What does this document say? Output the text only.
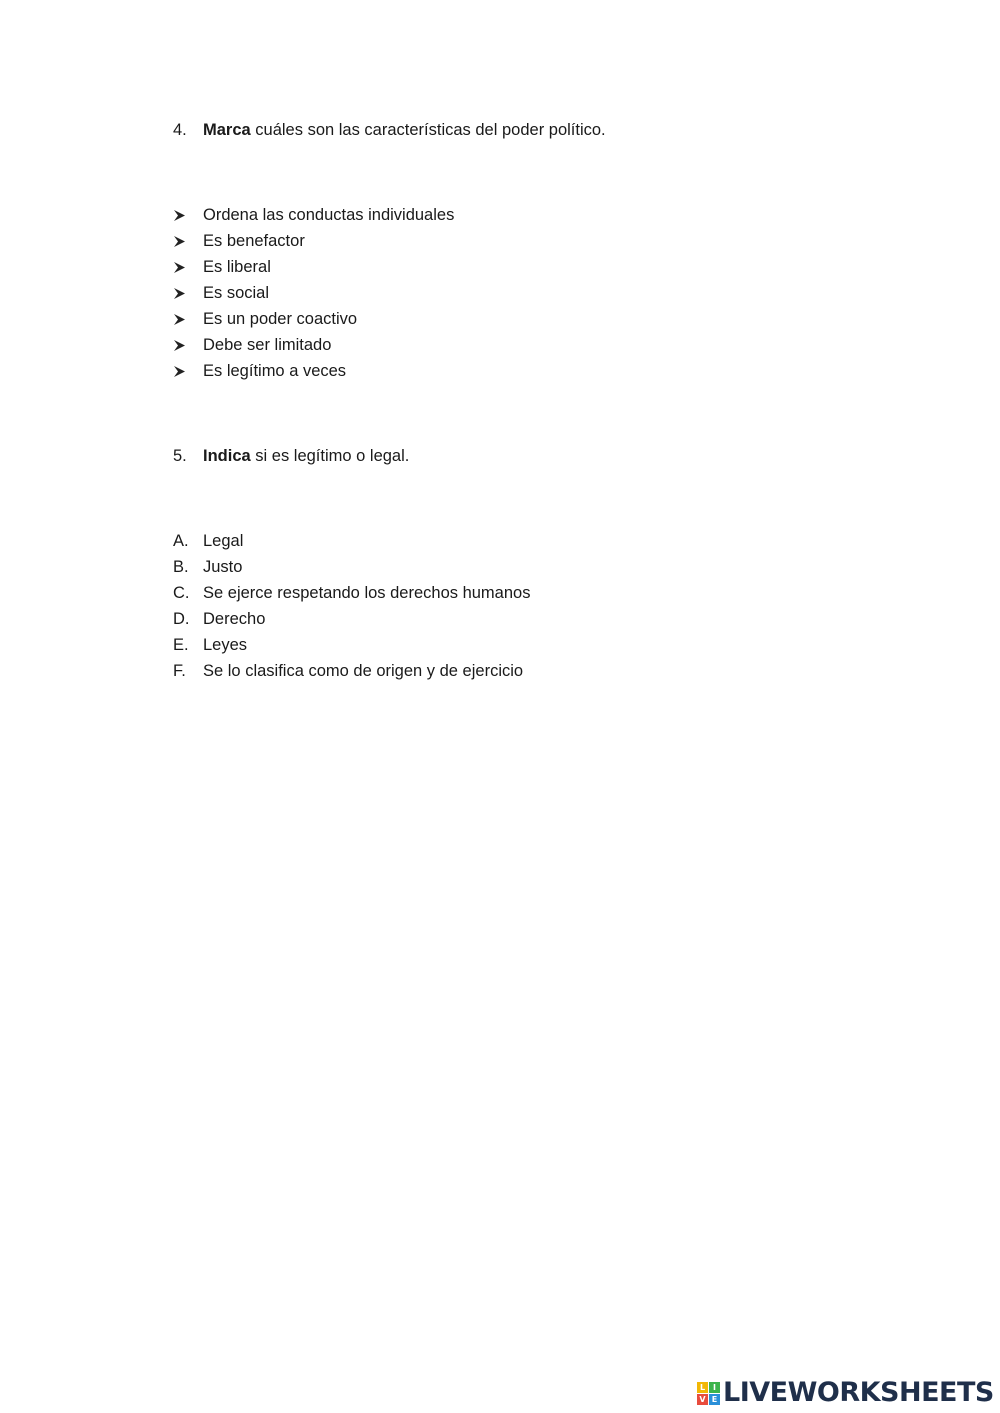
4. Marca cuáles son las características del poder político.
Ordena las conductas individuales
Es benefactor
Es liberal
Es social
Es un poder coactivo
Debe ser limitado
Es legítimo a veces
5. Indica si es legítimo o legal.
A. Legal
B. Justo
C. Se ejerce respetando los derechos humanos
D. Derecho
E. Leyes
F.	Se lo clasifica como de origen y de ejercicio
L I
V E LIVEWORKSHEETS
